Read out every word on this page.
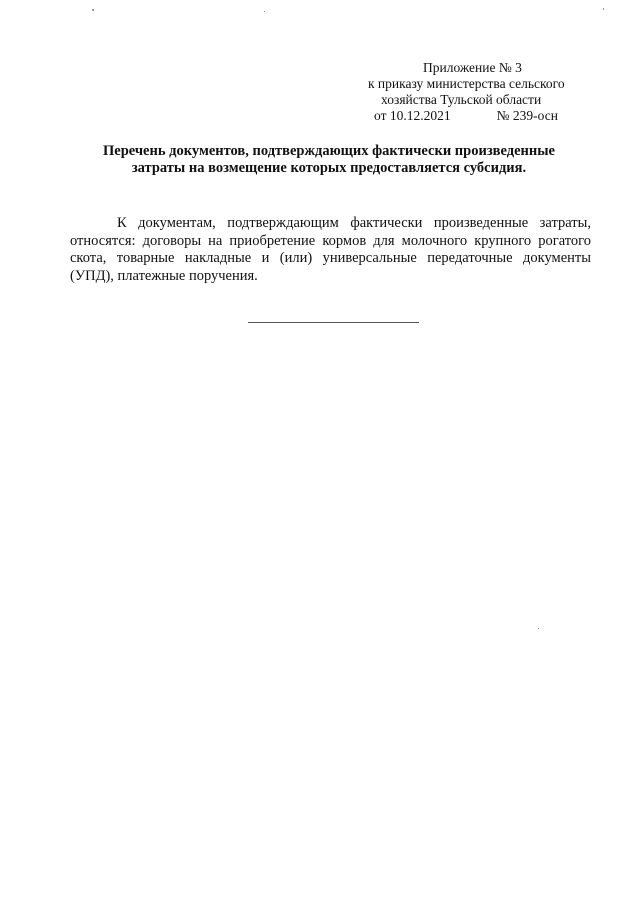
Приложение № 3
к приказу министерства сельского
хозяйства Тульской области
от 10.12.2021	№ 239-осн
Перечень документов, подтверждающих фактически произведенные
затраты на возмещение которых предоставляется субсидия.
К документам, подтверждающим фактически произведенные затраты,
относятся: договоры на приобретение кормов для молочного крупного рогатого
скота, товарные накладные и (или) универсальные передаточные документы
(УПД), платежные поручения.
